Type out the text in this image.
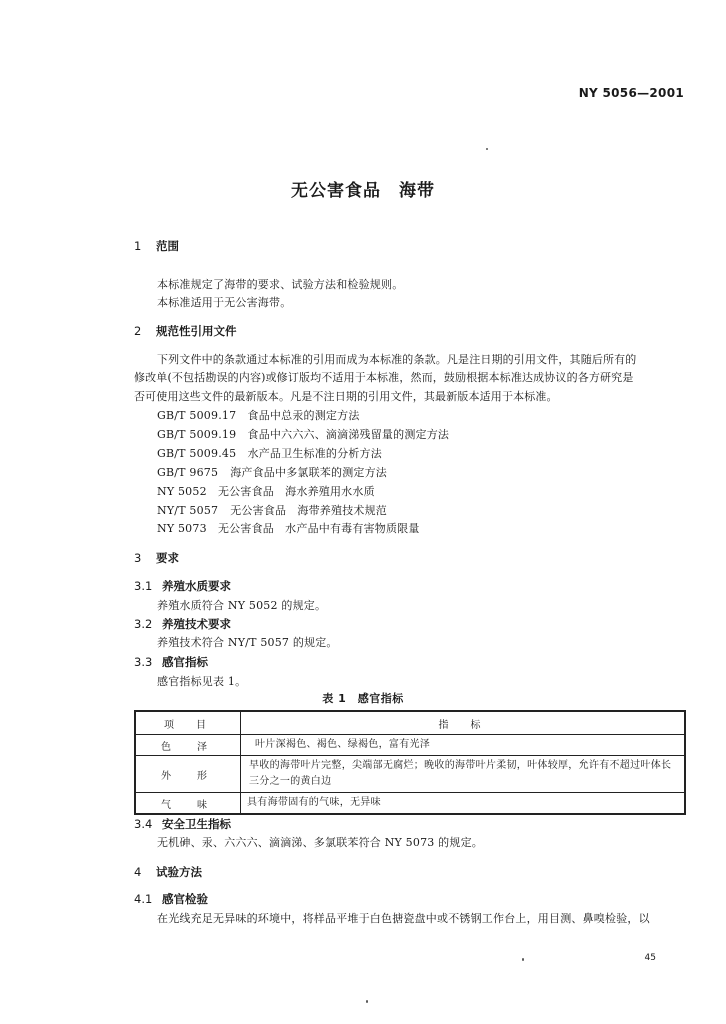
NY 5056—2001
无公害食品　海带
1 范围
本标准规定了海带的要求、试验方法和检验规则。
本标准适用于无公害海带。
2 规范性引用文件
下列文件中的条款通过本标准的引用而成为本标准的条款。凡是注日期的引用文件，其随后所有的
修改单(不包括勘误的内容)或修订版均不适用于本标准，然而，鼓励根据本标准达成协议的各方研究是
否可使用这些文件的最新版本。凡是不注日期的引用文件，其最新版本适用于本标准。
GB/T 5009.17　 食品中总汞的测定方法
GB/T 5009.19　 食品中六六六、滴滴涕残留量的测定方法
GB/T 5009.45　 水产品卫生标准的分析方法
GB/T 9675　 海产食品中多氯联苯的测定方法
NY 5052　 无公害食品　海水养殖用水水质
NY/T 5057　 无公害食品　海带养殖技术规范
NY 5073　 无公害食品　水产品中有毒有害物质限量
3 要求
3.1 养殖水质要求
养殖水质符合 NY 5052 的规定。
3.2 养殖技术要求
养殖技术符合 NY/T 5057 的规定。
3.3 感官指标
感官指标见表 1。
表 1　感官指标
项　目	指　标
色　泽	叶片深褐色、褐色、绿褐色，富有光泽
外　形	早收的海带叶片完整，尖端部无腐烂；晚收的海带叶片柔韧，叶体较厚，允许有不超过叶体长三分之一的黄白边
气　味	具有海带固有的气味，无异味
3.4 安全卫生指标
无机砷、汞、六六六、滴滴涕、多氯联苯符合 NY 5073 的规定。
4 试验方法
4.1 感官检验
在光线充足无异味的环境中，将样品平堆于白色搪瓷盘中或不锈钢工作台上，用目测、鼻嗅检验，以
45
